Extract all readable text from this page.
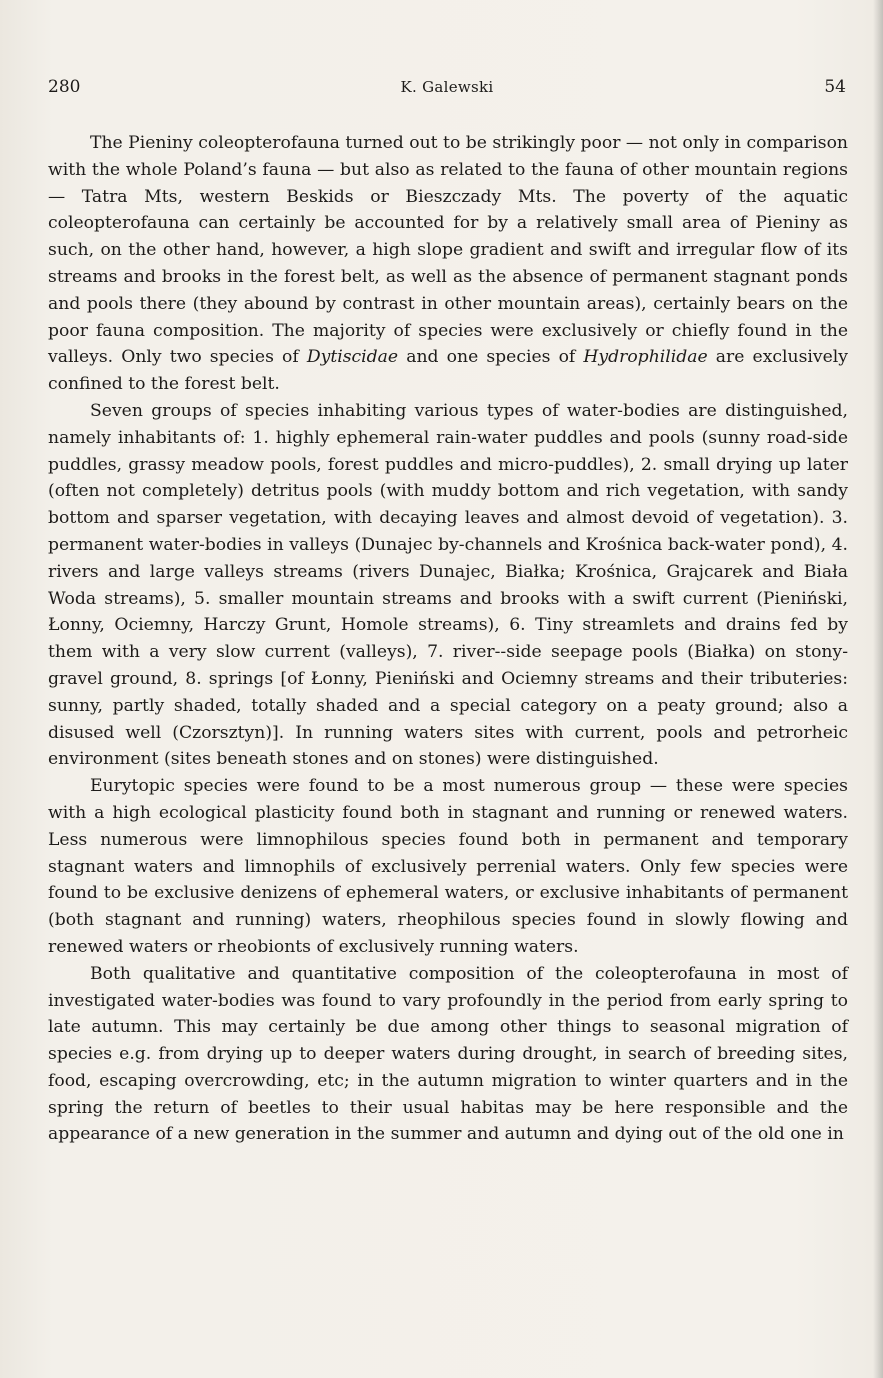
280	K. Galewski	54

The Pieniny coleopterofauna turned out to be strikingly poor — not only in comparison with the whole Poland’s fauna — but also as related to the fauna of other mountain regions — Tatra Mts, western Beskids or Bieszczady Mts. The poverty of the aquatic coleopterofauna can certainly be accounted for by a relatively small area of Pieniny as such, on the other hand, however, a high slope gradient and swift and irregular flow of its streams and brooks in the forest belt, as well as the absence of permanent stagnant ponds and pools there (they abound by contrast in other mountain areas), certainly bears on the poor fauna composition. The majority of species were exclusively or chiefly found in the valleys. Only two species of Dytiscidae and one species of Hydrophilidae are exclusively confined to the forest belt.

Seven groups of species inhabiting various types of water-bodies are distinguished, namely inhabitants of: 1. highly ephemeral rain-water puddles and pools (sunny road-side puddles, grassy meadow pools, forest puddles and micro-puddles), 2. small drying up later (often not completely) detritus pools (with muddy bottom and rich vegetation, with sandy bottom and sparser vegetation, with decaying leaves and almost devoid of vegetation). 3. permanent water-bodies in valleys (Dunajec by-channels and Krośnica back-water pond), 4. rivers and large valleys streams (rivers Dunajec, Białka; Krośnica, Grajcarek and Biała Woda streams), 5. smaller mountain streams and brooks with a swift current (Pieniński, Łonny, Ociemny, Harczy Grunt, Homole streams), 6. Tiny streamlets and drains fed by them with a very slow current (valleys), 7. river--side seepage pools (Białka) on stony-gravel ground, 8. springs [of Łonny, Pieniński and Ociemny streams and their tributeries: sunny, partly shaded, totally shaded and a special category on a peaty ground; also a disused well (Czorsztyn)]. In running waters sites with current, pools and petrorheic environment (sites beneath stones and on stones) were distinguished.

Eurytopic species were found to be a most numerous group — these were species with a high ecological plasticity found both in stagnant and running or renewed waters. Less numerous were limnophilous species found both in permanent and temporary stagnant waters and limnophils of exclusively perrenial waters. Only few species were found to be exclusive denizens of ephemeral waters, or exclusive inhabitants of permanent (both stagnant and running) waters, rheophilous species found in slowly flowing and renewed waters or rheobionts of exclusively running waters.

Both qualitative and quantitative composition of the coleopterofauna in most of investigated water-bodies was found to vary profoundly in the period from early spring to late autumn. This may certainly be due among other things to seasonal migration of species e.g. from drying up to deeper waters during drought, in search of breeding sites, food, escaping overcrowding, etc; in the autumn migration to winter quarters and in the spring the return of beetles to their usual habitas may be here responsible and the appearance of a new generation in the summer and autumn and dying out of the old one in
